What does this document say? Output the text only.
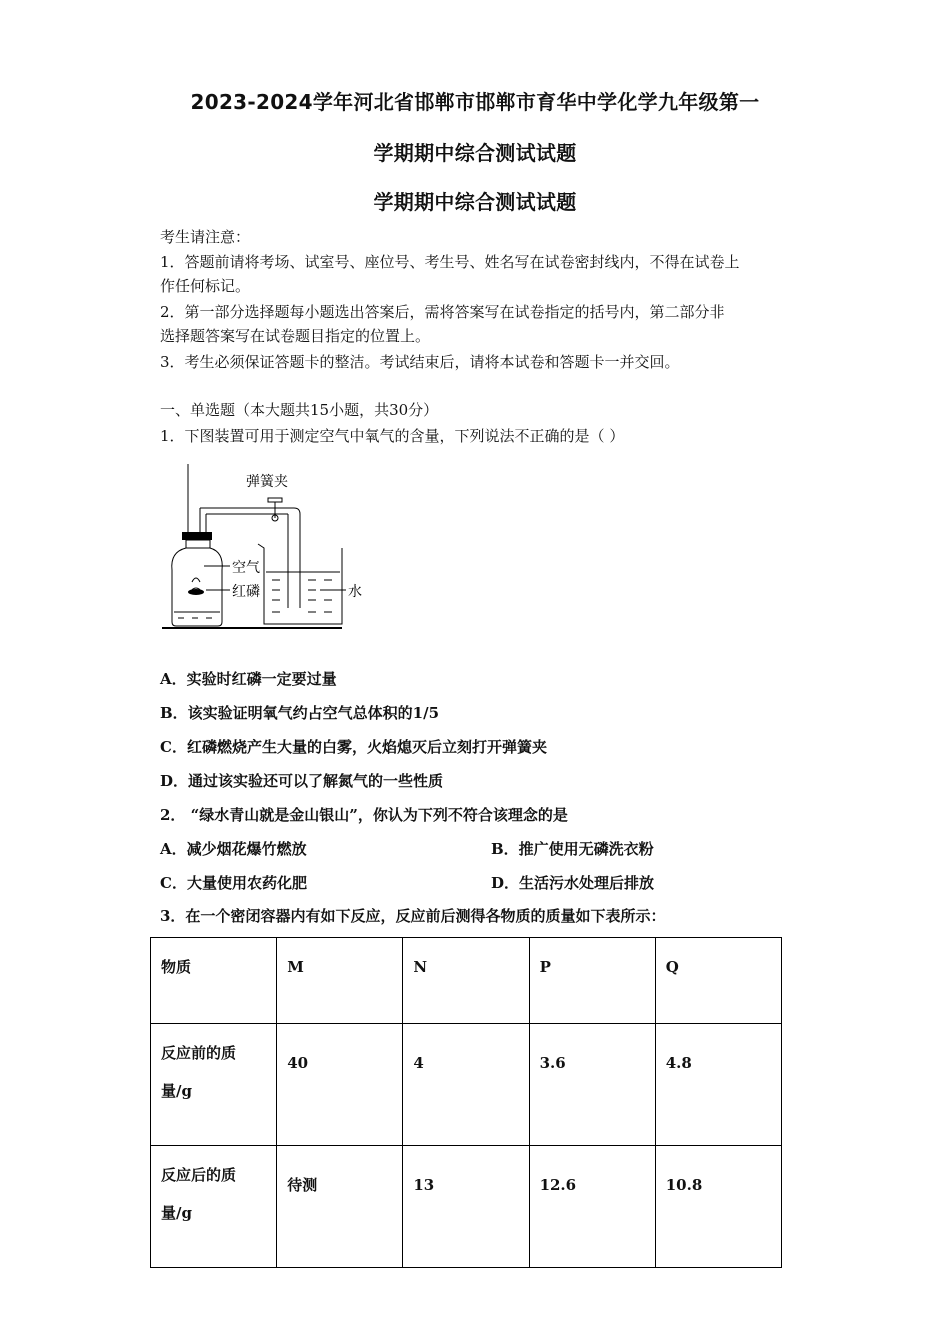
2023-2024学年河北省邯郸市邯郸市育华中学化学九年级第一
学期期中综合测试试题
学期期中综合测试试题
考生请注意：
1．答题前请将考场、试室号、座位号、考生号、姓名写在试卷密封线内，不得在试卷上
作任何标记。
2．第一部分选择题每小题选出答案后，需将答案写在试卷指定的括号内，第二部分非
选择题答案写在试卷题目指定的位置上。
3．考生必须保证答题卡的整洁。考试结束后，请将本试卷和答题卡一并交回。
一、单选题（本大题共15小题，共30分）
1．下图装置可用于测定空气中氧气的含量，下列说法不正确的是（ ）
弹簧夹
空气
红磷	水
A．实验时红磷一定要过量
B．该实验证明氧气约占空气总体积的1/5
C．红磷燃烧产生大量的白雾，火焰熄灭后立刻打开弹簧夹
D．通过该实验还可以了解氮气的一些性质
2． “绿水青山就是金山银山”，你认为下列不符合该理念的是
A．减少烟花爆竹燃放	B．推广使用无磷洗衣粉
C．大量使用农药化肥	D．生活污水处理后排放
3．在一个密闭容器内有如下反应，反应前后测得各物质的质量如下表所示：
物质	M	N	P	Q
反应前的质量/g	40	4	3.6	4.8
反应后的质量/g	待测	13	12.6	10.8
